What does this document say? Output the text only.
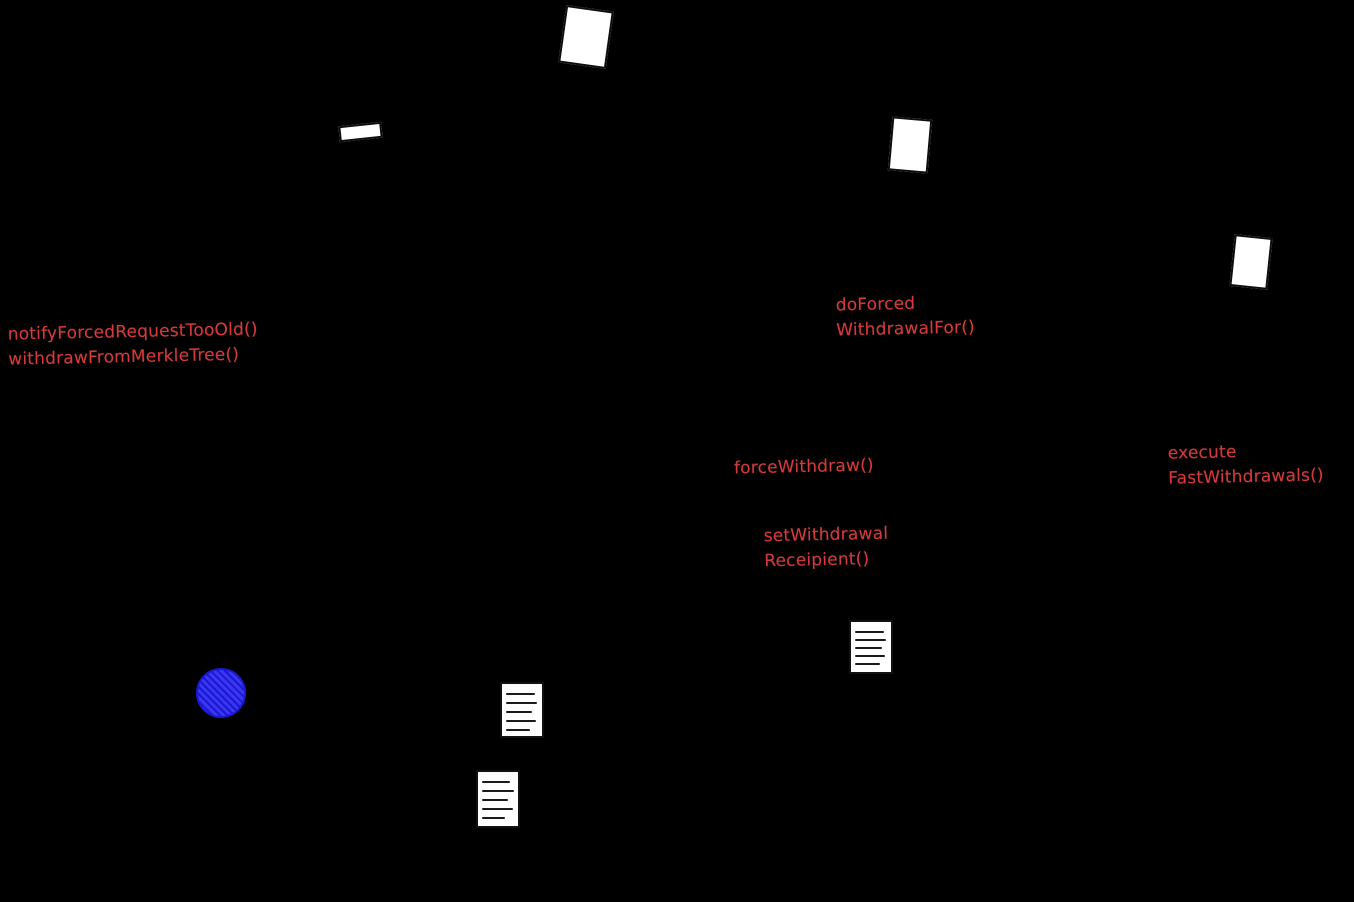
notifyForcedRequestTooOld()
withdrawFromMerkleTree()
doForced
WithdrawalFor()
forceWithdraw()
execute
FastWithdrawals()
setWithdrawal
Receipient()
